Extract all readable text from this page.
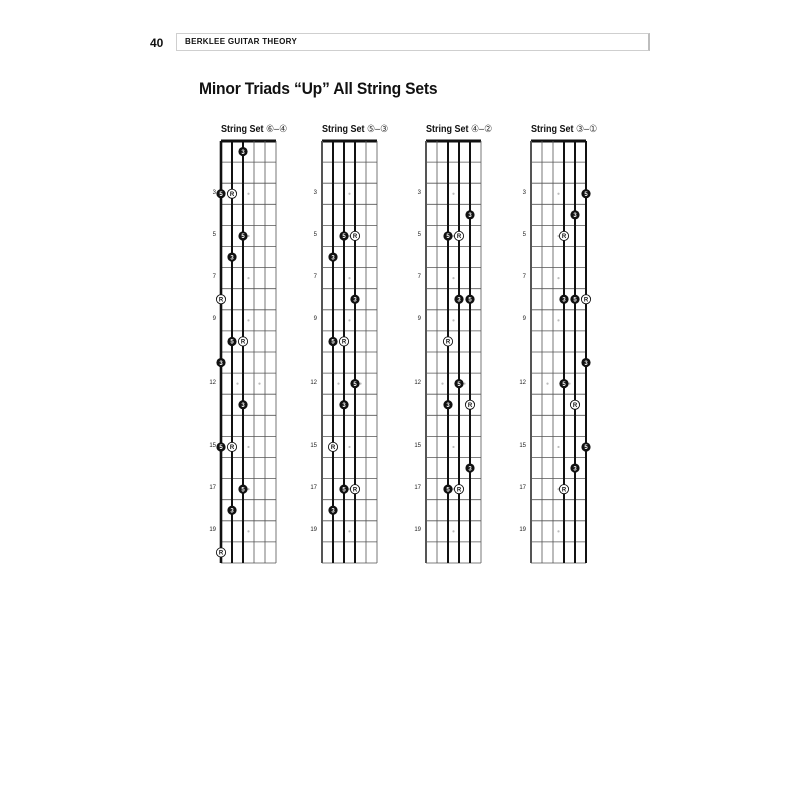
40	BERKLEE GUITAR THEORY
Minor Triads “Up” All String Sets
String Set ⑥–④
3
5
7
9
12
15
17
19
3
5 R
5
3
R
5 R
3
3
5 R
5
3
R
String Set ⑤–③
3
5
7
9
12
15
17
19
5 R
3
3
5 R
5
3
R
5 R
3
String Set ④–②
3
5
7
9
12
15
17
19
3
5 R
3 5
R
5
3	R
3
5 R
String Set ③–①
3
5
7
9
12
15
17
19
5
3
R
3 5 R
3
5
R
5
3
R
